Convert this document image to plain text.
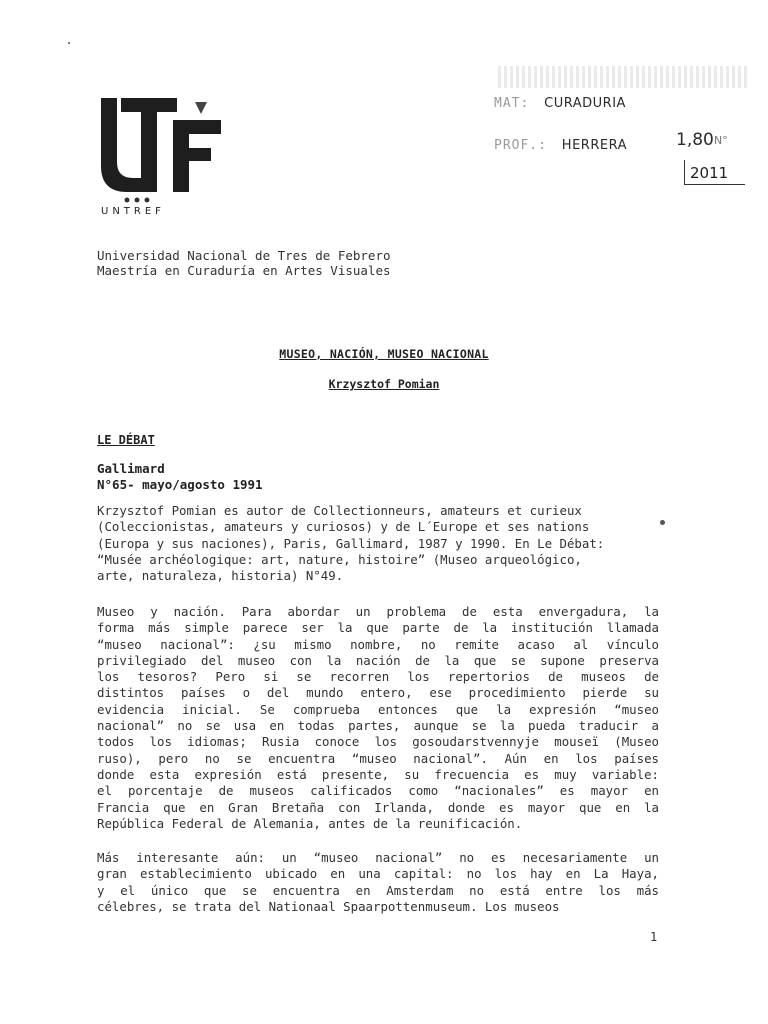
UNTREF
MAT: CURADURIA
PROF.: HERRERA	1,80 N°
2011
Universidad Nacional de Tres de Febrero
Maestría en Curaduría en Artes Visuales
MUSEO, NACIÓN, MUSEO NACIONAL
Krzysztof Pomian
LE DÉBAT
Gallimard
N°65- mayo/agosto 1991
Krzysztof Pomian es autor de Collectionneurs, amateurs et curieux
(Coleccionistas, amateurs y curiosos) y de L´Europe et ses nations
(Europa y sus naciones), Paris, Gallimard, 1987 y 1990. En Le Débat:
“Musée archéologique: art, nature, histoire” (Museo arqueológico,
arte, naturaleza, historia) N°49.
Museo y nación. Para abordar un problema de esta envergadura, la
forma más simple parece ser la que parte de la institución llamada
“museo nacional”: ¿su mismo nombre, no remite acaso al vínculo
privilegiado del museo con la nación de la que se supone preserva
los tesoros? Pero si se recorren los repertorios de museos de
distintos países o del mundo entero, ese procedimiento pierde su
evidencia inicial. Se comprueba entonces que la expresión “museo
nacional” no se usa en todas partes, aunque se la pueda traducir a
todos los idiomas; Rusia conoce los gosoudarstvennyje mouseï (Museo
ruso), pero no se encuentra “museo nacional”. Aún en los países
donde esta expresión está presente, su frecuencia es muy variable:
el porcentaje de museos calificados como “nacionales” es mayor en
Francia que en Gran Bretaña con Irlanda, donde es mayor que en la
República Federal de Alemania, antes de la reunificación.
Más interesante aún: un “museo nacional” no es necesariamente un
gran establecimiento ubicado en una capital: no los hay en La Haya,
y el único que se encuentra en Amsterdam no está entre los más
célebres, se trata del Nationaal Spaarpottenmuseum. Los museos
1
